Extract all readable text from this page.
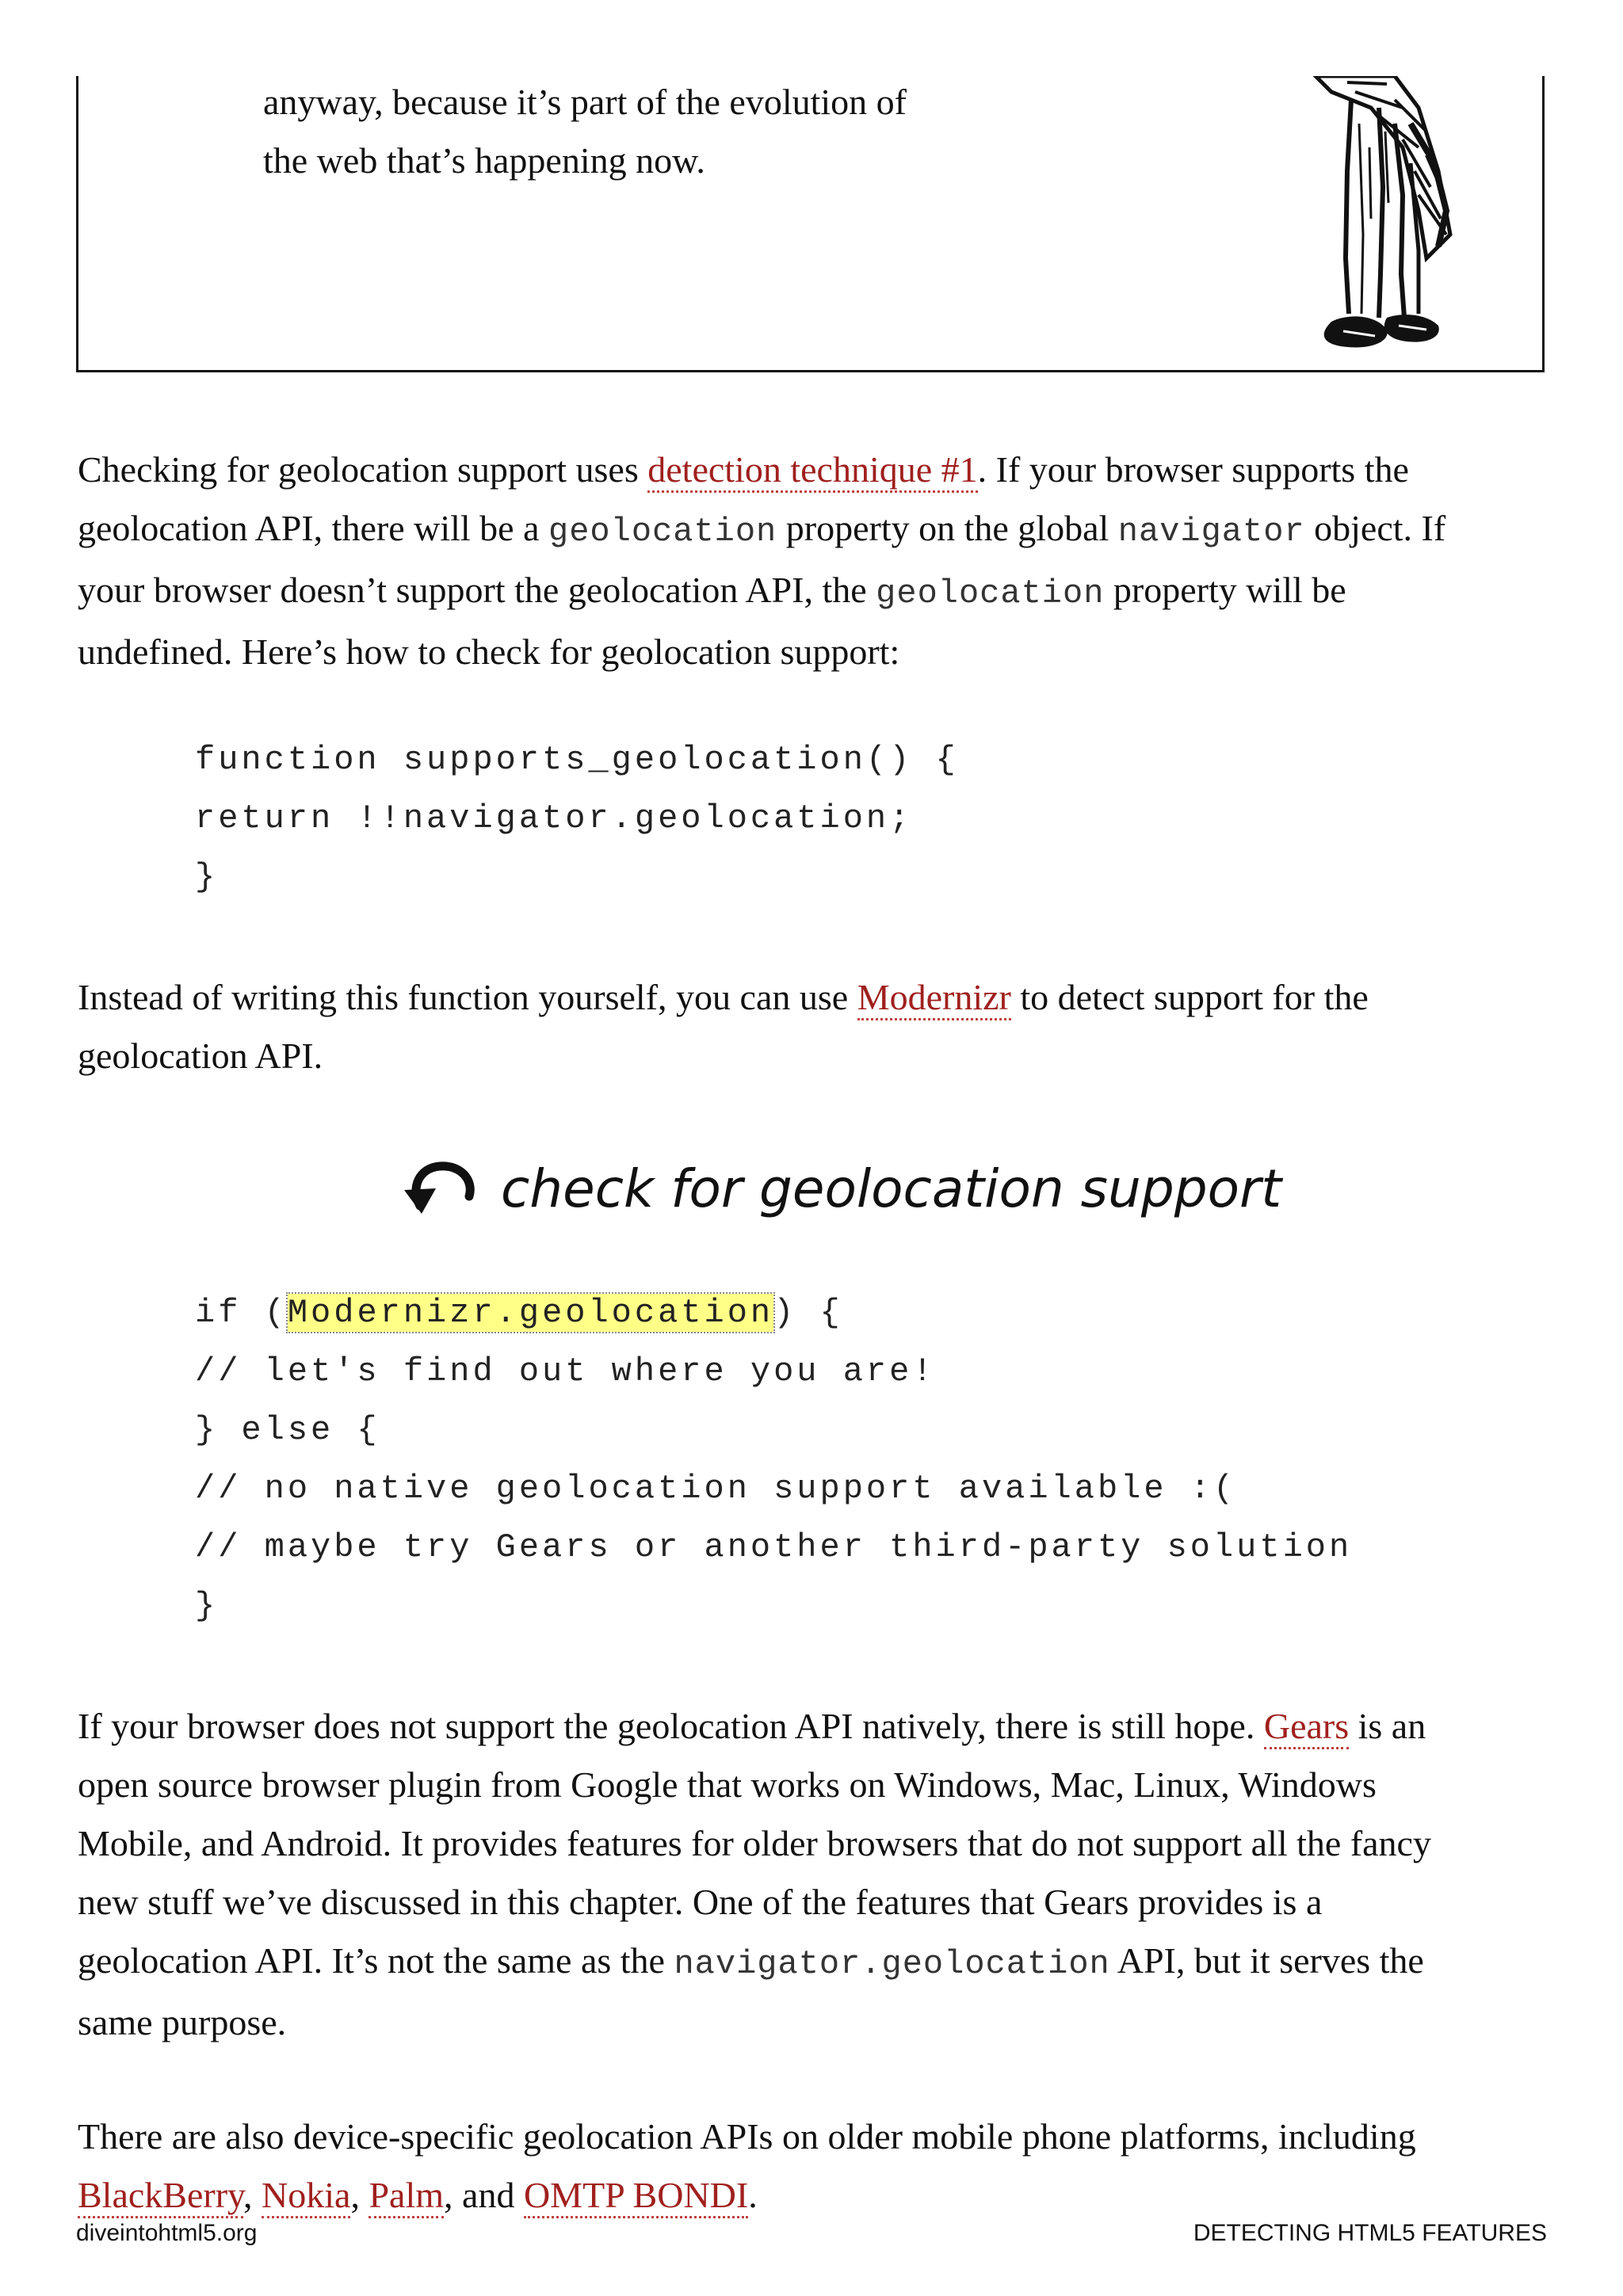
anyway, because it’s part of the evolution of

the web that’s happening now.

Checking for geolocation support uses detection technique #1. If your browser supports the

geolocation API, there will be a geolocation property on the global navigator object. If

your browser doesn’t support the geolocation API, the geolocation property will be

undefined. Here’s how to check for geolocation support:

function supports_geolocation() {
return !!navigator.geolocation;
}

Instead of writing this function yourself, you can use Modernizr to detect support for the

geolocation API.

check for geolocation support
if (Modernizr.geolocation) {
// let's find out where you are!
} else {
// no native geolocation support available :(
// maybe try Gears or another third-party solution
}

If your browser does not support the geolocation API natively, there is still hope. Gears is an

open source browser plugin from Google that works on Windows, Mac, Linux, Windows

Mobile, and Android. It provides features for older browsers that do not support all the fancy

new stuff we’ve discussed in this chapter. One of the features that Gears provides is a

geolocation API. It’s not the same as the navigator.geolocation API, but it serves the

same purpose.

There are also device-specific geolocation APIs on older mobile phone platforms, including

BlackBerry, Nokia, Palm, and OMTP BONDI.

diveintohtml5.org	DETECTING HTML5 FEATURES
